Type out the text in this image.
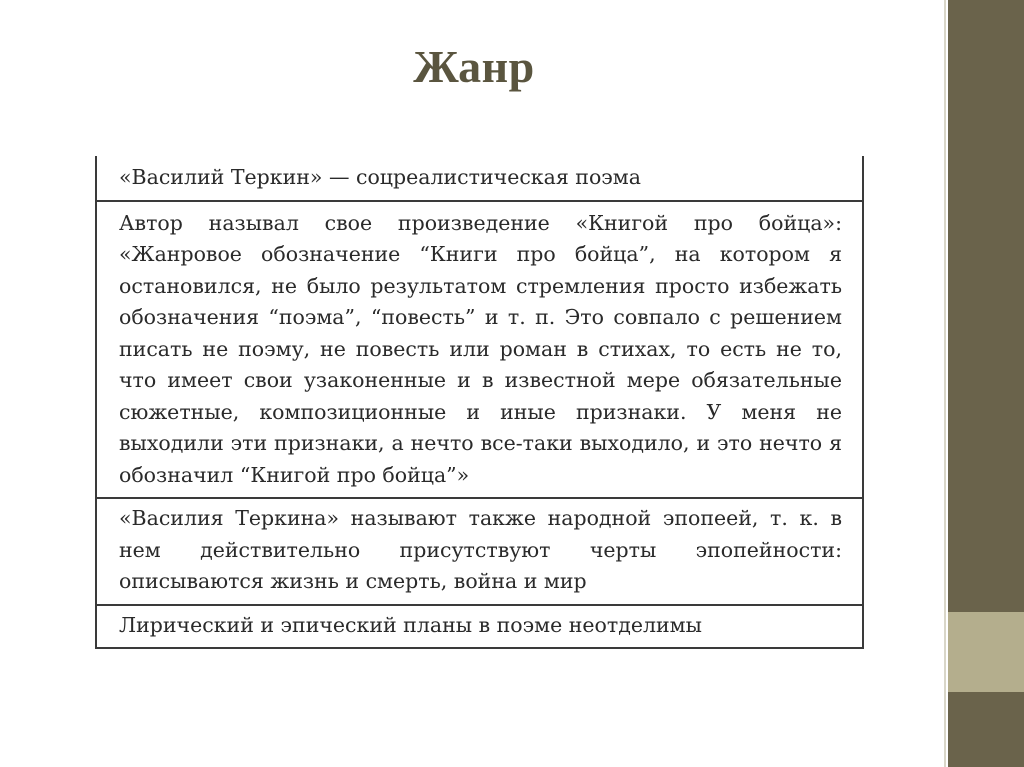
Жанр
«Василий Теркин» — соцреалистическая поэма
Автор называл свое произведение «Книгой про бойца»: «Жанровое обозначение “Книги про бойца”, на котором я остановился, не было результатом стремления просто избежать обозначения “поэма”, “повесть” и т. п. Это совпало с решением писать не поэму, не повесть или роман в стихах, то есть не то, что имеет свои узаконенные и в известной мере обязательные сюжетные, композиционные и иные признаки. У меня не выходили эти признаки, а нечто все-таки выходило, и это нечто я обозначил “Книгой про бойца”»
«Василия Теркина» называют также народной эпопеей, т. к. в нем действительно присутствуют черты эпопейности: описываются жизнь и смерть, война и мир
Лирический и эпический планы в поэме неотделимы
